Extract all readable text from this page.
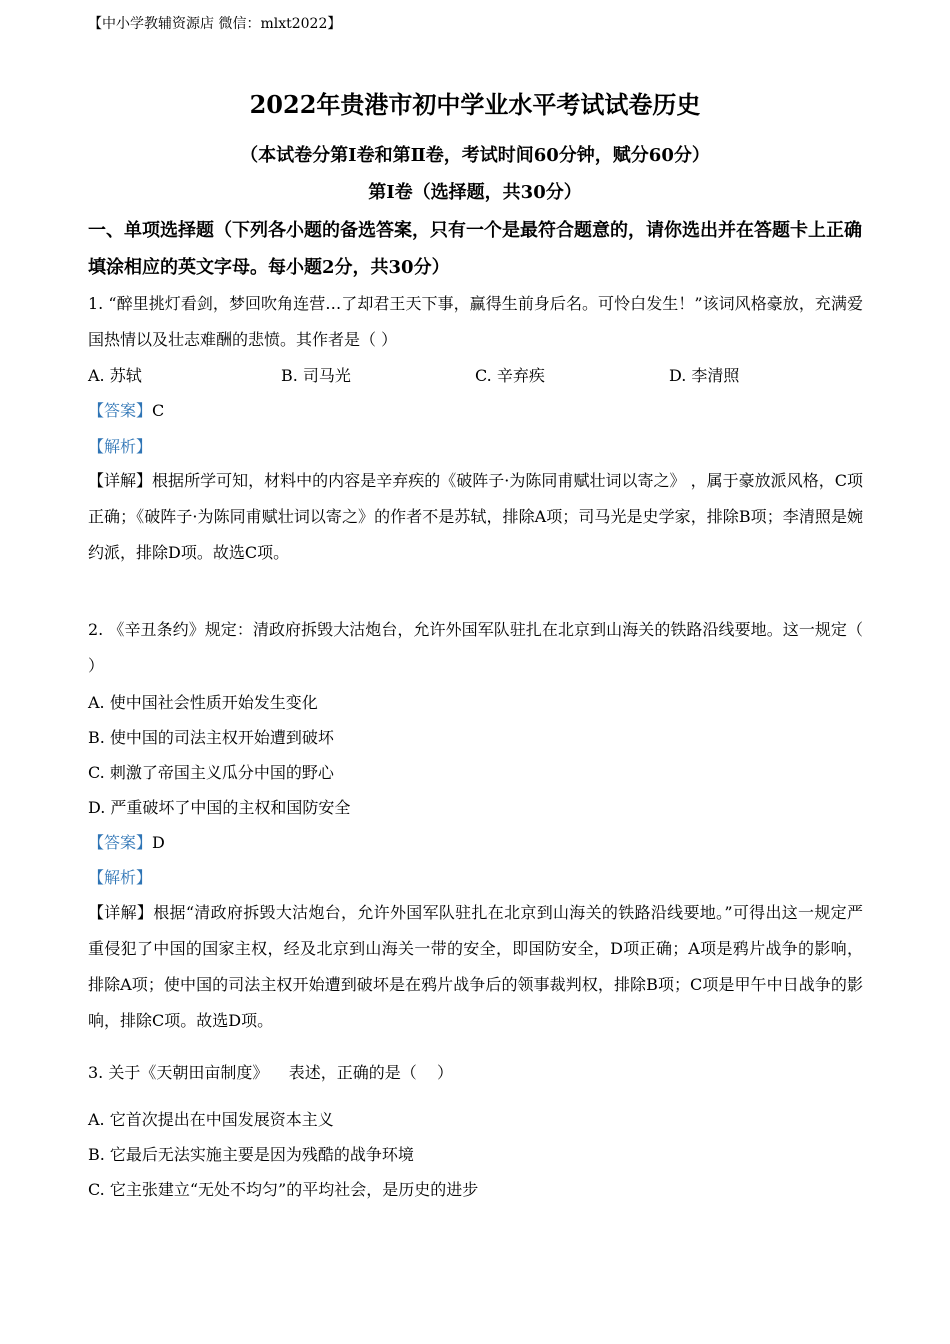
【中小学教辅资源店 微信：mlxt2022】
2022年贵港市初中学业水平考试试卷历史
（本试卷分第Ⅰ卷和第Ⅱ卷，考试时间60分钟，赋分60分）
第Ⅰ卷（选择题，共30分）
一、单项选择题（下列各小题的备选答案，只有一个是最符合题意的，请你选出并在答题卡上正确填涂相应的英文字母。每小题2分，共30分）
1. “醉里挑灯看剑，梦回吹角连营…了却君王天下事，赢得生前身后名。可怜白发生！”该词风格豪放，充满爱国热情以及壮志难酬的悲愤。其作者是（ ）
A. 苏轼	B. 司马光	C. 辛弃疾	D. 李清照
【答案】C
【解析】
【详解】根据所学可知，材料中的内容是辛弃疾的《破阵子·为陈同甫赋壮词以寄之》 ，属于豪放派风格，C项正确；《破阵子·为陈同甫赋壮词以寄之》的作者不是苏轼，排除A项；司马光是史学家，排除B项；李清照是婉约派，排除D项。故选C项。
2. 《辛丑条约》规定：清政府拆毁大沽炮台，允许外国军队驻扎在北京到山海关的铁路沿线要地。这一规定（ ）
A. 使中国社会性质开始发生变化
B. 使中国的司法主权开始遭到破坏
C. 刺激了帝国主义瓜分中国的野心
D. 严重破坏了中国的主权和国防安全
【答案】D
【解析】
【详解】根据“清政府拆毁大沽炮台，允许外国军队驻扎在北京到山海关的铁路沿线要地。”可得出这一规定严重侵犯了中国的国家主权，经及北京到山海关一带的安全，即国防安全，D项正确；A项是鸦片战争的影响，排除A项；使中国的司法主权开始遭到破坏是在鸦片战争后的领事裁判权，排除B项；C项是甲午中日战争的影响，排除C项。故选D项。
3. 关于《天朝田亩制度》    表述，正确的是（    ）
A. 它首次提出在中国发展资本主义
B. 它最后无法实施主要是因为残酷的战争环境
C. 它主张建立“无处不均匀”的平均社会，是历史的进步
